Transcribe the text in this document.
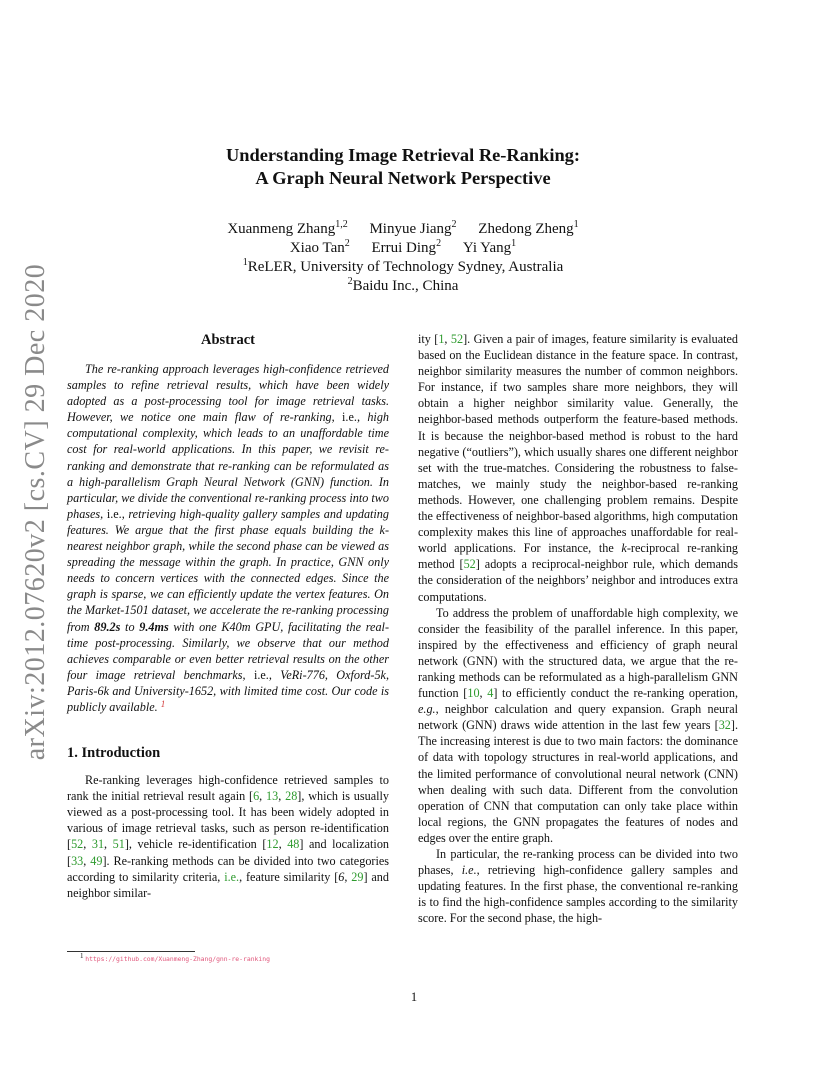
arXiv:2012.07620v2 [cs.CV] 29 Dec 2020
Understanding Image Retrieval Re-Ranking:
A Graph Neural Network Perspective
Xuanmeng Zhang$^{1,2}$ Minyue Jiang$^2$ Zhedong Zheng$^1$
Xiao Tan$^2$ Errui Ding$^2$ Yi Yang$^1$
$^1$ReLER, University of Technology Sydney, Australia
$^2$Baidu Inc., China
Abstract

The re-ranking approach leverages high-confidence retrieved samples to refine retrieval results, which have been widely adopted as a post-processing tool for image retrieval tasks. However, we notice one main flaw of re-ranking, i.e., high computational complexity, which leads to an unaffordable time cost for real-world applications. In this paper, we revisit re-ranking and demonstrate that re-ranking can be reformulated as a high-parallelism Graph Neural Network (GNN) function. In particular, we divide the conventional re-ranking process into two phases, i.e., retrieving high-quality gallery samples and updating features. We argue that the first phase equals building the k-nearest neighbor graph, while the second phase can be viewed as spreading the message within the graph. In practice, GNN only needs to concern vertices with the connected edges. Since the graph is sparse, we can efficiently update the vertex features. On the Market-1501 dataset, we accelerate the re-ranking processing from 89.2s to 9.4ms with one K40m GPU, facilitating the real-time post-processing. Similarly, we observe that our method achieves comparable or even better retrieval results on the other four image retrieval benchmarks, i.e., VeRi-776, Oxford-5k, Paris-6k and University-1652, with limited time cost. Our code is publicly available. $^1$

1. Introduction

Re-ranking leverages high-confidence retrieved samples to rank the initial retrieval result again [6, 13, 28], which is usually viewed as a post-processing tool. It has been widely adopted in various of image retrieval tasks, such as person re-identification [52, 31, 51], vehicle re-identification [12, 48] and localization [33, 49]. Re-ranking methods can be divided into two categories according to similarity criteria, i.e., feature similarity [6, 29] and neighbor similar-

$^1$ https://github.com/Xuanmeng-Zhang/gnn-re-ranking

ity [1, 52]. Given a pair of images, feature similarity is evaluated based on the Euclidean distance in the feature space. In contrast, neighbor similarity measures the number of common neighbors. For instance, if two samples share more neighbors, they will obtain a higher neighbor similarity value. Generally, the neighbor-based methods outperform the feature-based methods. It is because the neighbor-based method is robust to the hard negative (“outliers”), which usually shares one different neighbor set with the true-matches. Considering the robustness to false-matches, we mainly study the neighbor-based re-ranking methods. However, one challenging problem remains. Despite the effectiveness of neighbor-based algorithms, high computation complexity makes this line of approaches unaffordable for real-world applications. For instance, the k-reciprocal re-ranking method [52] adopts a reciprocal-neighbor rule, which demands the consideration of the neighbors’ neighbor and introduces extra computations.

To address the problem of unaffordable high complexity, we consider the feasibility of the parallel inference. In this paper, inspired by the effectiveness and efficiency of graph neural network (GNN) with the structured data, we argue that the re-ranking methods can be reformulated as a high-parallelism GNN function [10, 4] to efficiently conduct the re-ranking operation, e.g., neighbor calculation and query expansion. Graph neural network (GNN) draws wide attention in the last few years [32]. The increasing interest is due to two main factors: the dominance of data with topology structures in real-world applications, and the limited performance of convolutional neural network (CNN) when dealing with such data. Different from the convolution operation of CNN that computation can only take place within local regions, the GNN propagates the features of nodes and edges over the entire graph.

In particular, the re-ranking process can be divided into two phases, i.e., retrieving high-confidence gallery samples and updating features. In the first phase, the conventional re-ranking is to find the high-confidence samples according to the similarity score. For the second phase, the high-

1
